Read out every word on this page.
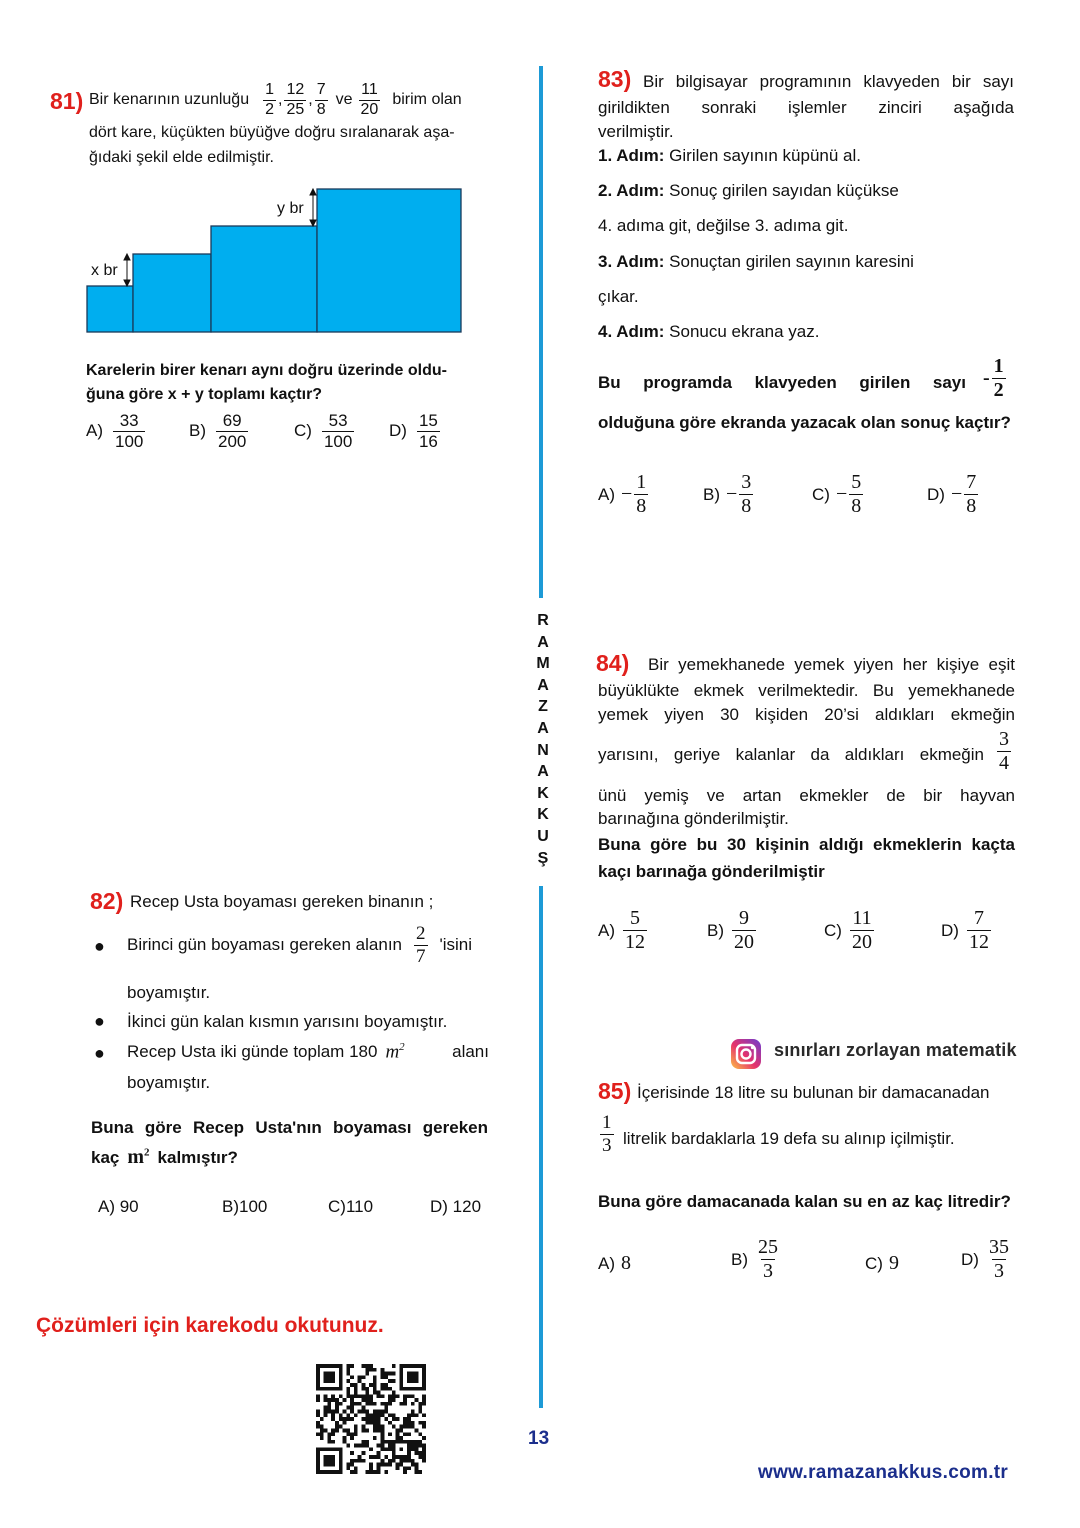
81) Bir kenarının uzunluğu $\frac{1}{2}$ , $\frac{12}{25}$ , $\frac{7}{8}$ ve $\frac{11}{20}$ birim olan
dört kare, küçükten büyüğve doğru sıralanarak aşa-
ğıdaki şekil elde edilmiştir.
x br
y br
Karelerin birer kenarı aynı doğru üzerinde oldu-
ğuna göre x + y toplamı kaçtır?
$A) \frac{33}{100}$	$B) \frac{69}{200}$	$C) \frac{53}{100} D) \frac{15}{16}$
82) Recep Usta boyaması gereken binanın ;
● Birinci gün boyaması gereken alanın $\frac{2}{7}$ 'isini
boyamıştır.
● İkinci gün kalan kısmın yarısını boyamıştır.
● Recep Usta iki günde toplam 180 $m^2$	alanı
boyamıştır.
Buna göre Recep Usta'nın boyaması gereken
kaç $m^2$ kalmıştır?
A) 90	B)100	C)110	D) 120
Çözümleri için karekodu okutunuz.
R
A
M
A
Z
A
N
A
K
K
U
Ş
13
83) Bir bilgisayar programının klavyeden bir sayı
girildikten sonraki işlemler zinciri aşağıda
verilmiştir.
1. Adım: Girilen sayının küpünü al.
2. Adım: Sonuç girilen sayıdan küçükse
4. adıma git, değilse 3. adıma git.
3. Adım: Sonuçtan girilen sayının karesini
çıkar.
4. Adım: Sonucu ekrana yaz.
Bu programda klavyeden girilen sayı - $\frac{1}{2}$
olduğuna göre ekranda yazacak olan sonuç kaçtır?
$A) - \frac{1}{8}$	$B) - \frac{3}{8}$	$C) - \frac{5}{8}$	$D) - \frac{7}{8}$
84) Bir yemekhanede yemek yiyen her kişiye eşit
büyüklükte ekmek verilmektedir. Bu yemekhanede
yemek yiyen 30 kişiden 20’si aldıkları ekmeğin
yarısını, geriye kalanlar da aldıkları ekmeğin $\frac{3}{4}$
ünü yemiş ve artan ekmekler de bir hayvan
barınağına gönderilmiştir.
Buna göre bu 30 kişinin aldığı ekmeklerin kaçta
kaçı barınağa gönderilmiştir
$A) \frac{5}{12}$	$B) \frac{9}{20}$	$C) \frac{11}{20}$	$D) \frac{7}{12}$
sınırları zorlayan matematik
85) İçerisinde 18 litre su bulunan bir damacanadan
$\frac{1}{3}$ litrelik bardaklarla 19 defa su alınıp içilmiştir.
Buna göre damacanada kalan su en az kaç litredir?
A) 8	$B) \frac{25}{3}$	C) 9	$D) \frac{35}{3}$
www.ramazanakkus.com.tr
